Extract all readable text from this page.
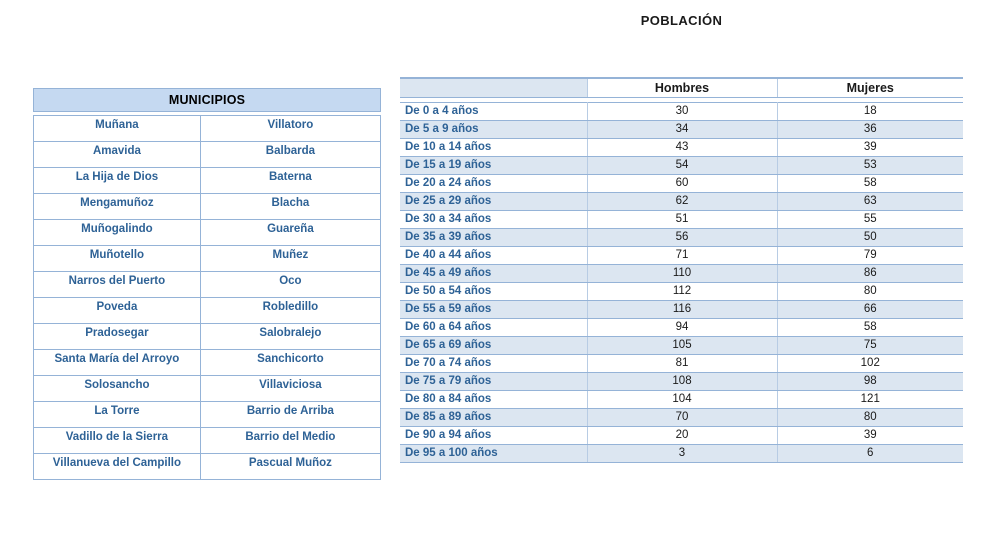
POBLACIÓN
MUNICIPIOS
Muñana	Villatoro
Amavida	Balbarda
La Hija de Dios	Baterna
Mengamuñoz	Blacha
Muñogalindo	Guareña
Muñotello	Muñez
Narros del Puerto	Oco
Poveda	Robledillo
Pradosegar	Salobralejo
Santa María del Arroyo	Sanchicorto
Solosancho	Villaviciosa
La Torre	Barrio de Arriba
Vadillo de la Sierra	Barrio del Medio
Villanueva del Campillo	Pascual Muñoz
	Hombres	Mujeres
De 0 a 4 años	30	18
De 5 a 9 años	34	36
De 10 a 14 años	43	39
De 15 a 19 años	54	53
De 20 a 24 años	60	58
De 25 a 29 años	62	63
De 30 a 34 años	51	55
De 35 a 39 años	56	50
De 40 a 44 años	71	79
De 45 a 49 años	110	86
De 50 a 54 años	112	80
De 55 a 59 años	116	66
De 60 a 64 años	94	58
De 65 a 69 años	105	75
De 70 a 74 años	81	102
De 75 a 79 años	108	98
De 80 a 84 años	104	121
De 85 a 89 años	70	80
De 90 a 94 años	20	39
De 95 a 100 años	3	6
